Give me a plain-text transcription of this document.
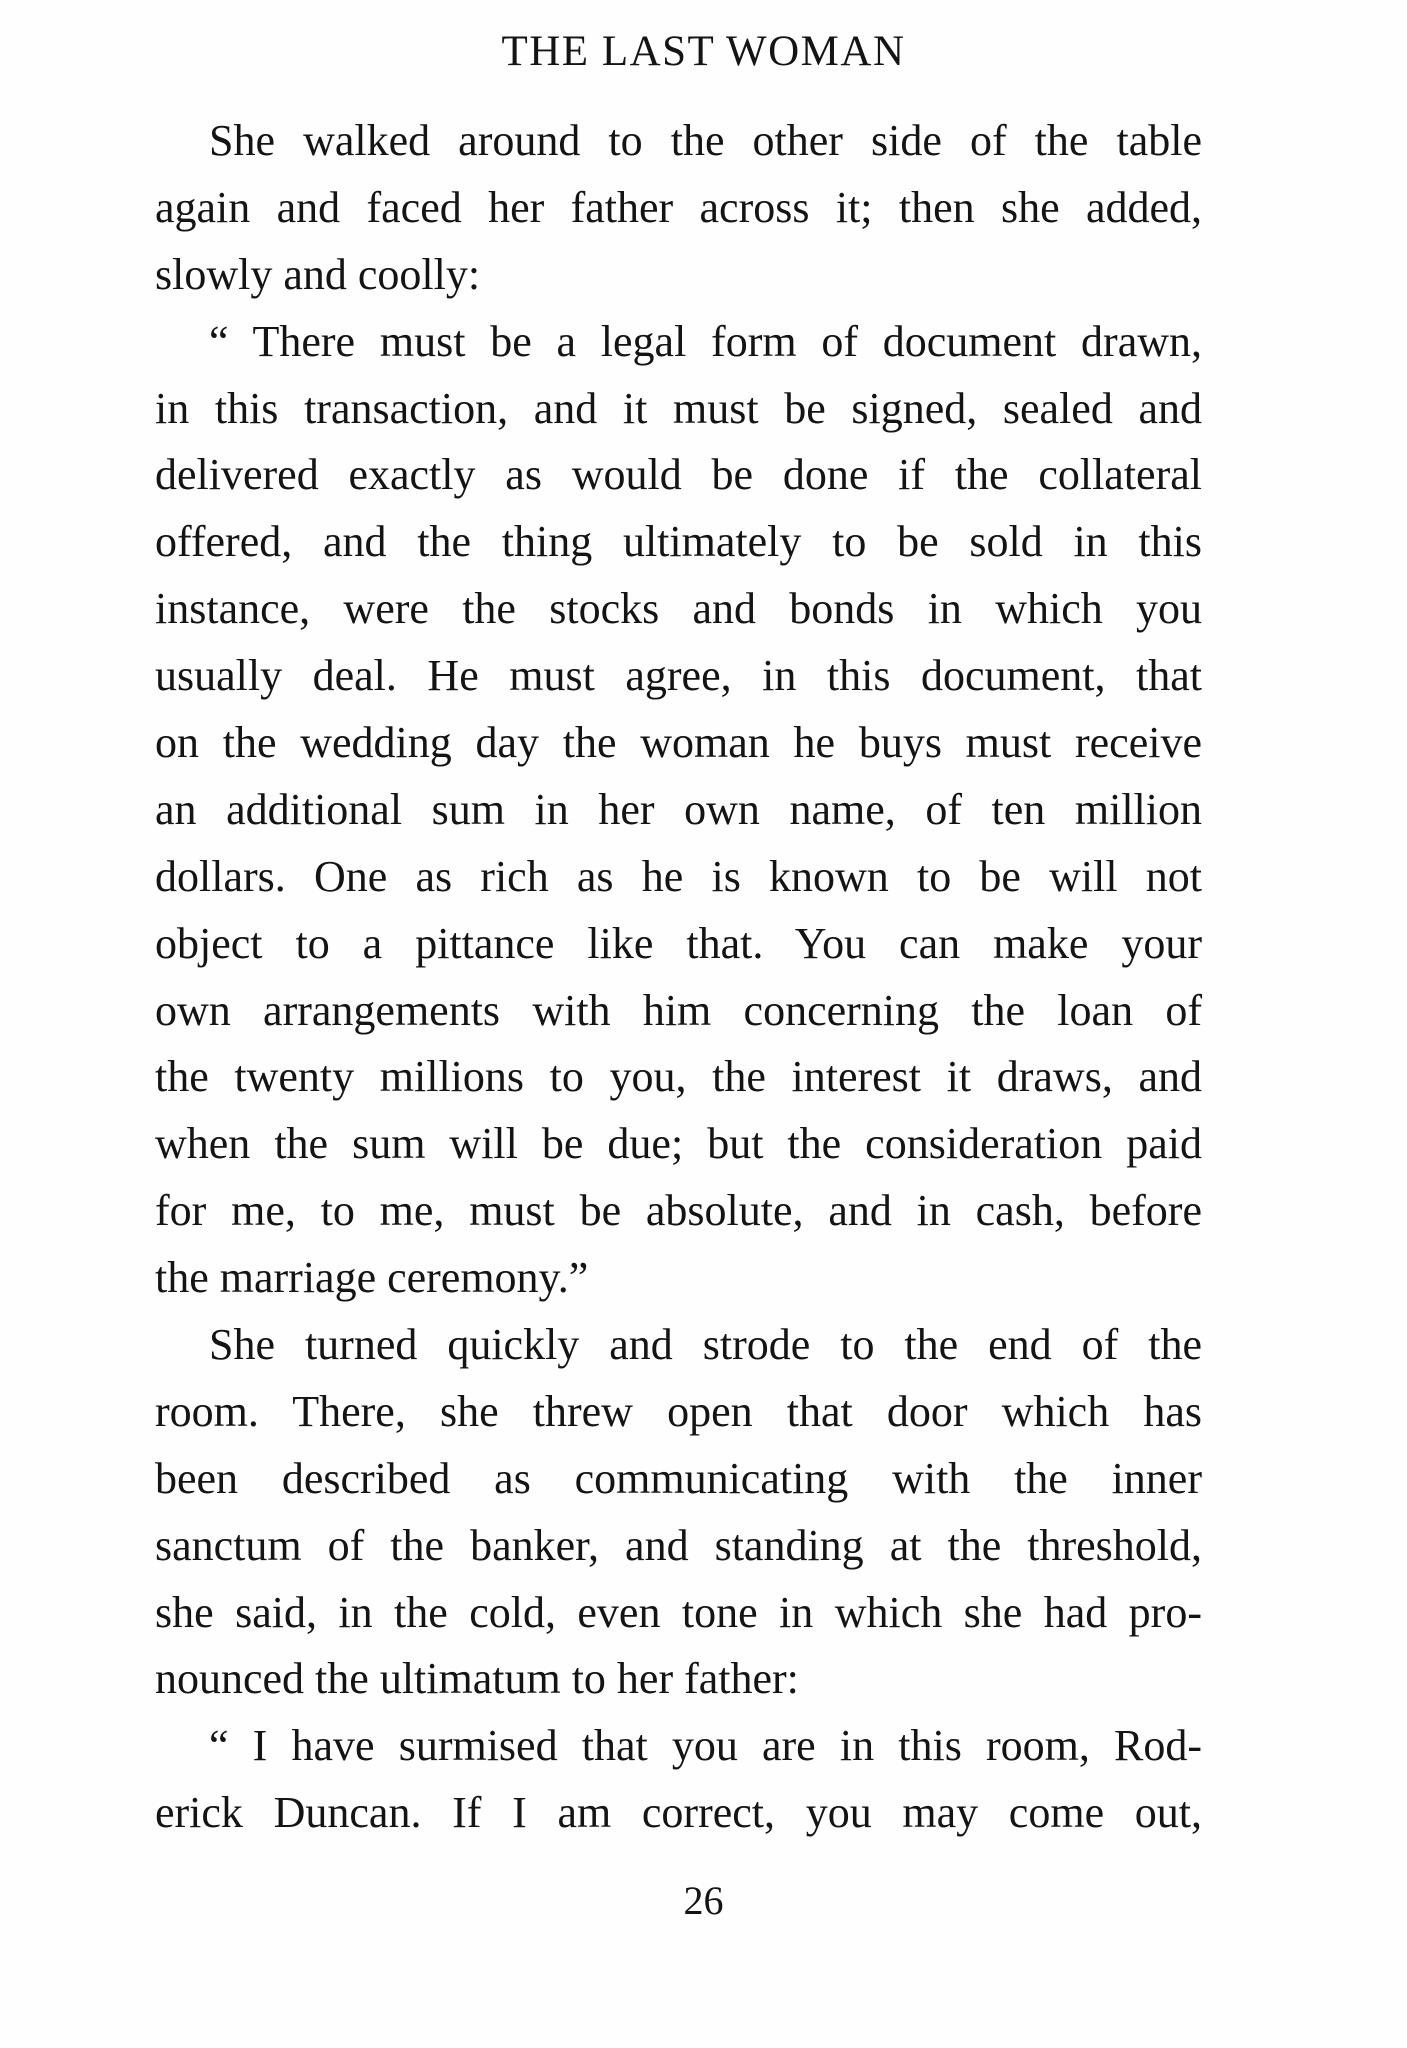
THE LAST WOMAN
She walked around to the other side of the table
again and faced her father across it; then she added,
slowly and coolly:
“ There must be a legal form of document drawn,
in this transaction, and it must be signed, sealed and
delivered exactly as would be done if the collateral
offered, and the thing ultimately to be sold in this
instance, were the stocks and bonds in which you
usually deal. He must agree, in this document, that
on the wedding day the woman he buys must receive
an additional sum in her own name, of ten million
dollars. One as rich as he is known to be will not
object to a pittance like that. You can make your
own arrangements with him concerning the loan of
the twenty millions to you, the interest it draws, and
when the sum will be due; but the consideration paid
for me, to me, must be absolute, and in cash, before
the marriage ceremony.”
She turned quickly and strode to the end of the
room. There, she threw open that door which has
been described as communicating with the inner
sanctum of the banker, and standing at the threshold,
she said, in the cold, even tone in which she had pro-
nounced the ultimatum to her father:
“ I have surmised that you are in this room, Rod-
erick Duncan. If I am correct, you may come out,
26
